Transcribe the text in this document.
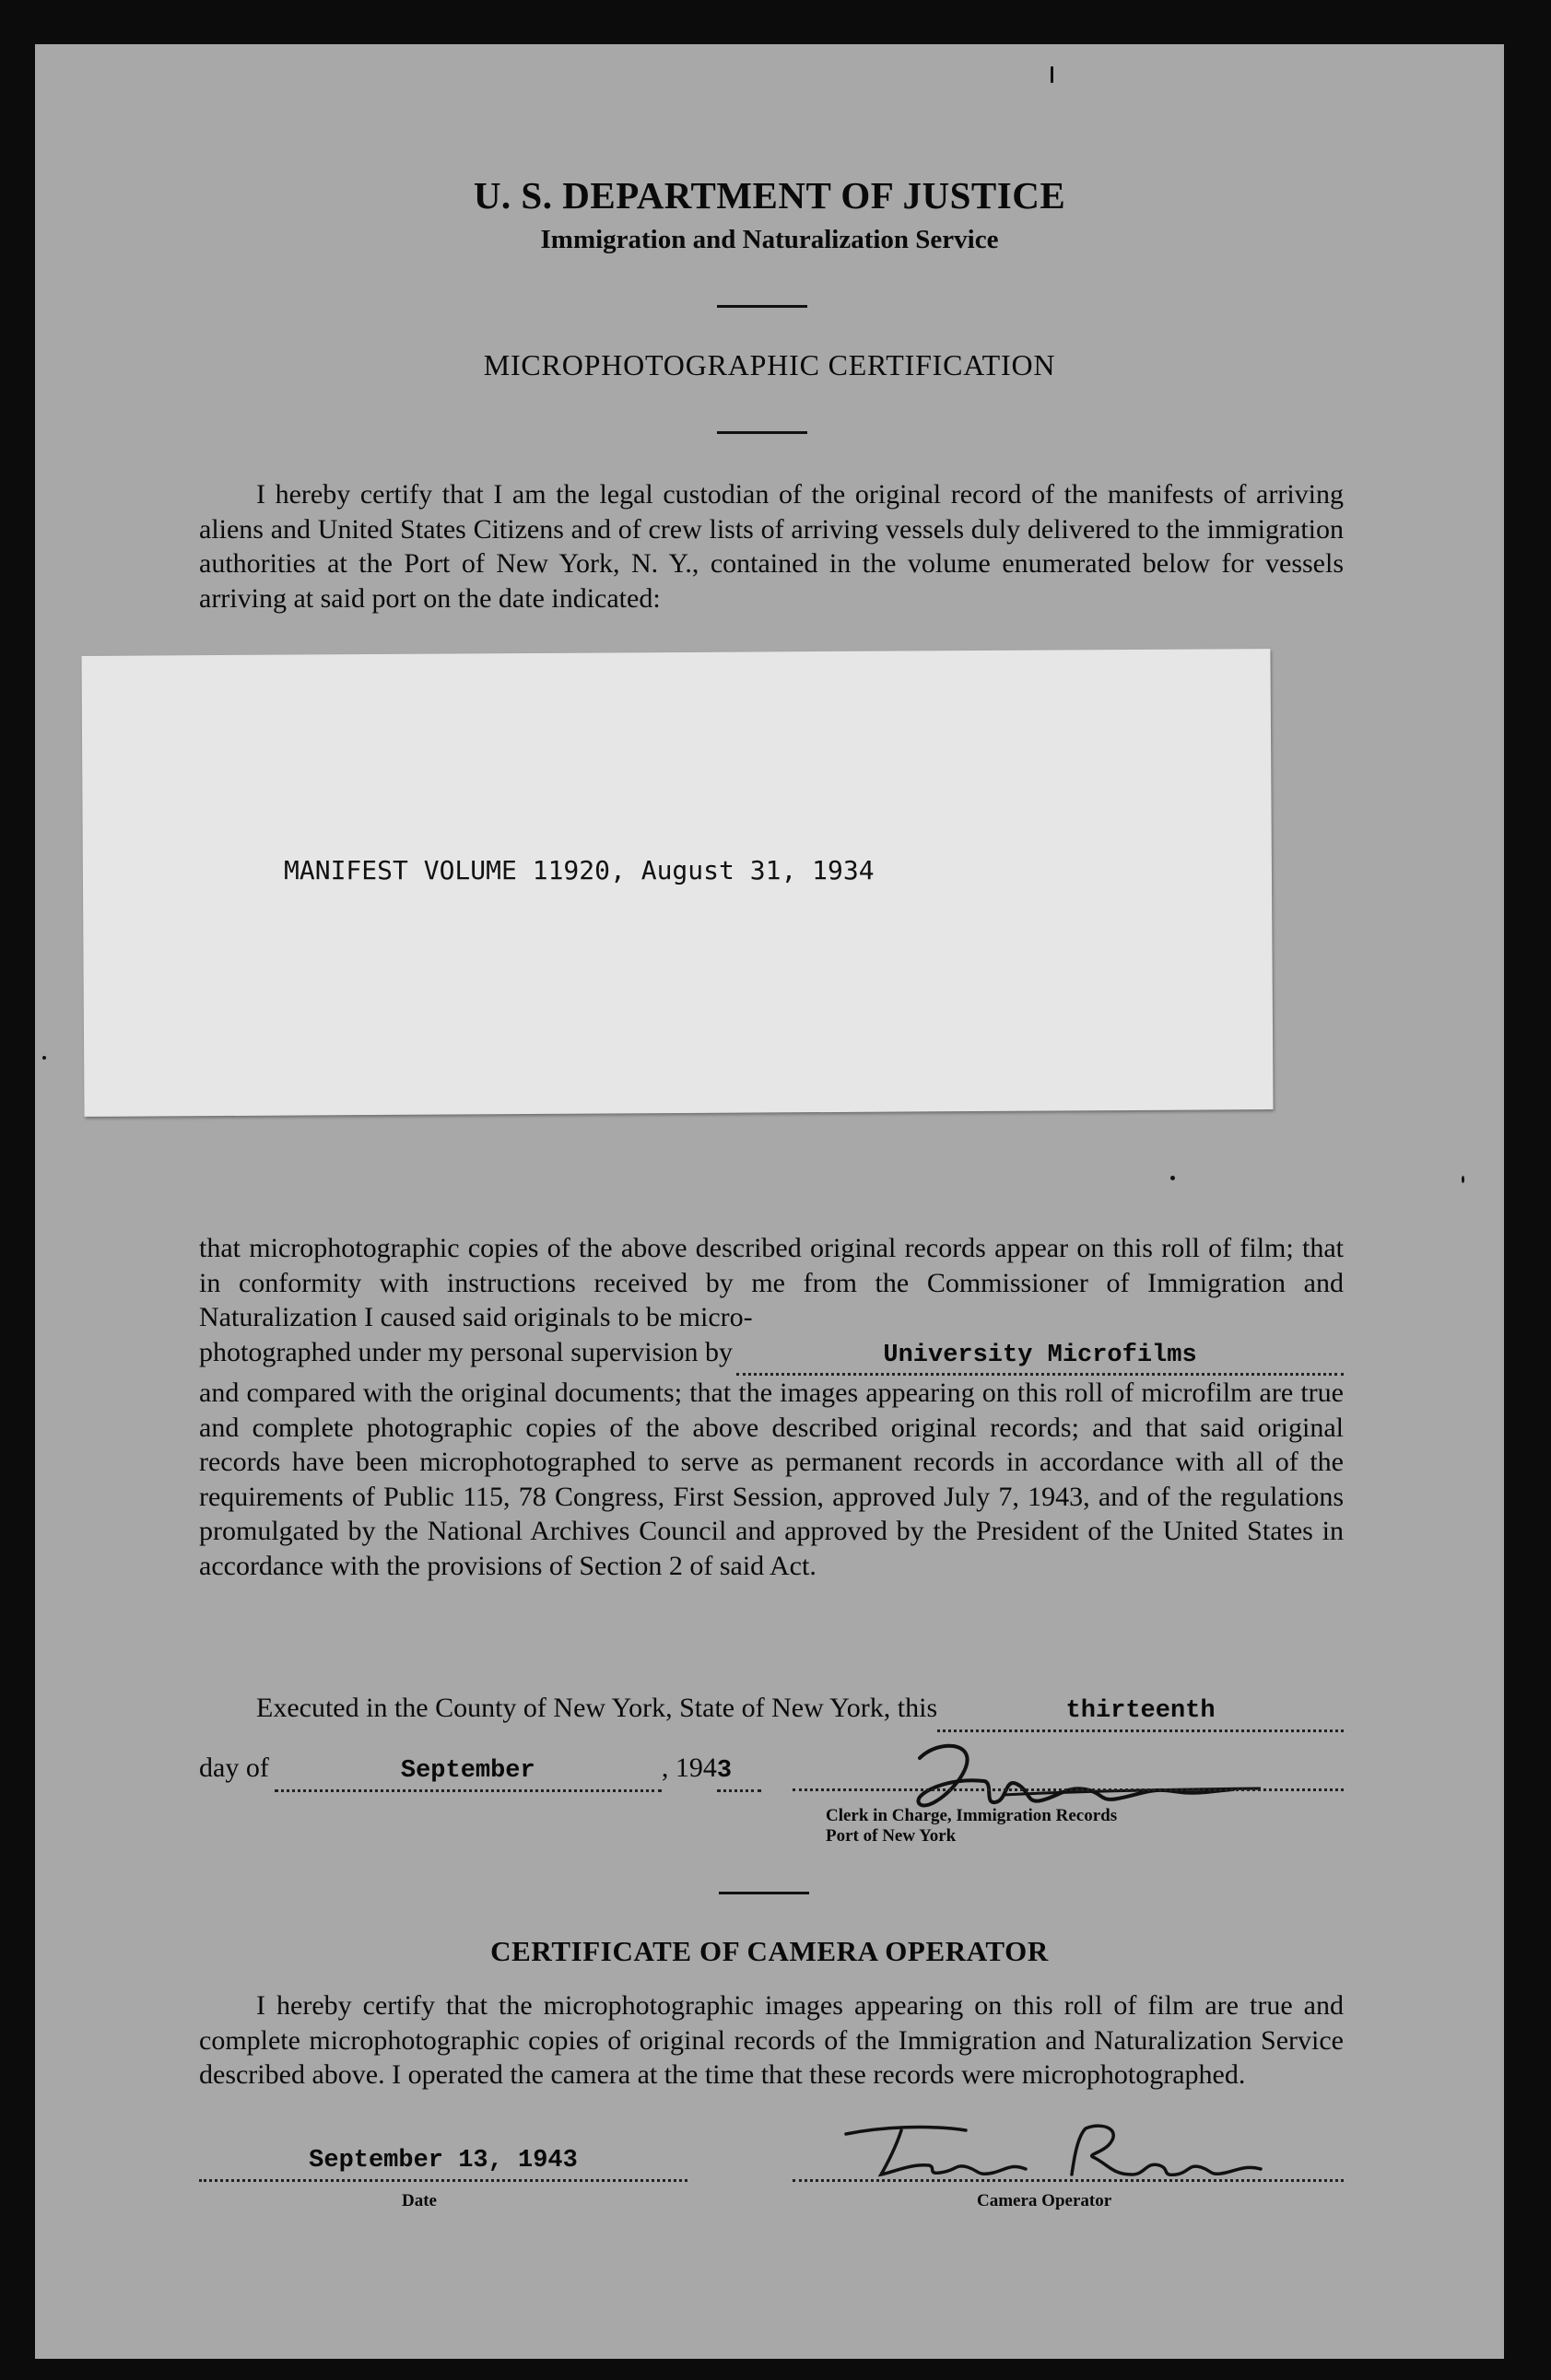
U. S. DEPARTMENT OF JUSTICE
Immigration and Naturalization Service
MICROPHOTOGRAPHIC CERTIFICATION
I hereby certify that I am the legal custodian of the original record of the manifests of arriving aliens and United States Citizens and of crew lists of arriving vessels duly delivered to the immigration authorities at the Port of New York, N. Y., contained in the volume enumerated below for vessels arriving at said port on the date indicated:
MANIFEST VOLUME 11920, August 31, 1934
that microphotographic copies of the above described original records appear on this roll of film; that in conformity with instructions received by me from the Commissioner of Immigration and Naturalization I caused said originals to be micro-

photographed under my personal supervision by	University Microfilms
and compared with the original documents; that the images appearing on this roll of microfilm are true and complete photographic copies of the above described original records; and that said original records have been microphotographed to serve as permanent records in accordance with all of the requirements of Public 115, 78 Congress, First Session, approved July 7, 1943, and of the regulations promulgated by the National Archives Council and approved by the President of the United States in accordance with the provisions of Section 2 of said Act.
Executed in the County of New York, State of New York, this	thirteenth
day of	September	, 194 3
Clerk in Charge, Immigration Records
Port of New York
CERTIFICATE OF CAMERA OPERATOR
I hereby certify that the microphotographic images appearing on this roll of film are true and complete microphotographic copies of original records of the Immigration and Naturalization Service described above. I operated the camera at the time that these records were microphotographed.
September 13, 1943
Date	Camera Operator
